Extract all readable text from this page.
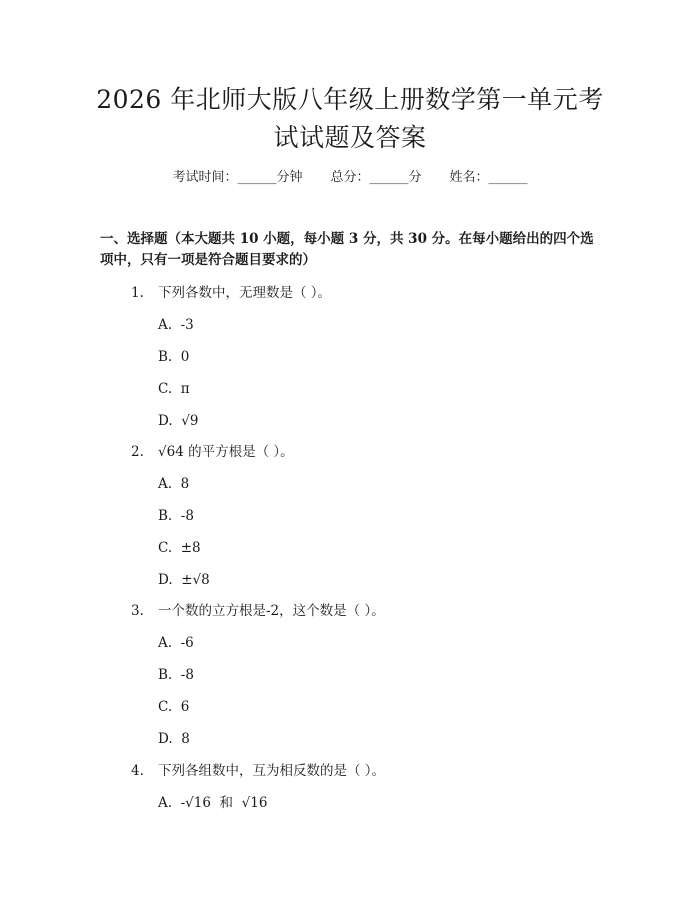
2026 年北师大版八年级上册数学第一单元考
试试题及答案
考试时间：______分钟 总分：______分 姓名：______
一、选择题（本大题共 10 小题，每小题 3 分，共 30 分。在每小题给出的四个选项中，只有一项是符合题目要求的）
1. 下列各数中，无理数是（ ）。
A.  -3
B.  0
C.  π
D.  √9
2. √64 的平方根是（ ）。
A.  8
B.  -8
C.  ±8
D.  ±√8
3. 一个数的立方根是-2，这个数是（ ）。
A.  -6
B.  -8
C.  6
D.  8
4. 下列各组数中，互为相反数的是（ ）。
A.  -√16  和  √16
